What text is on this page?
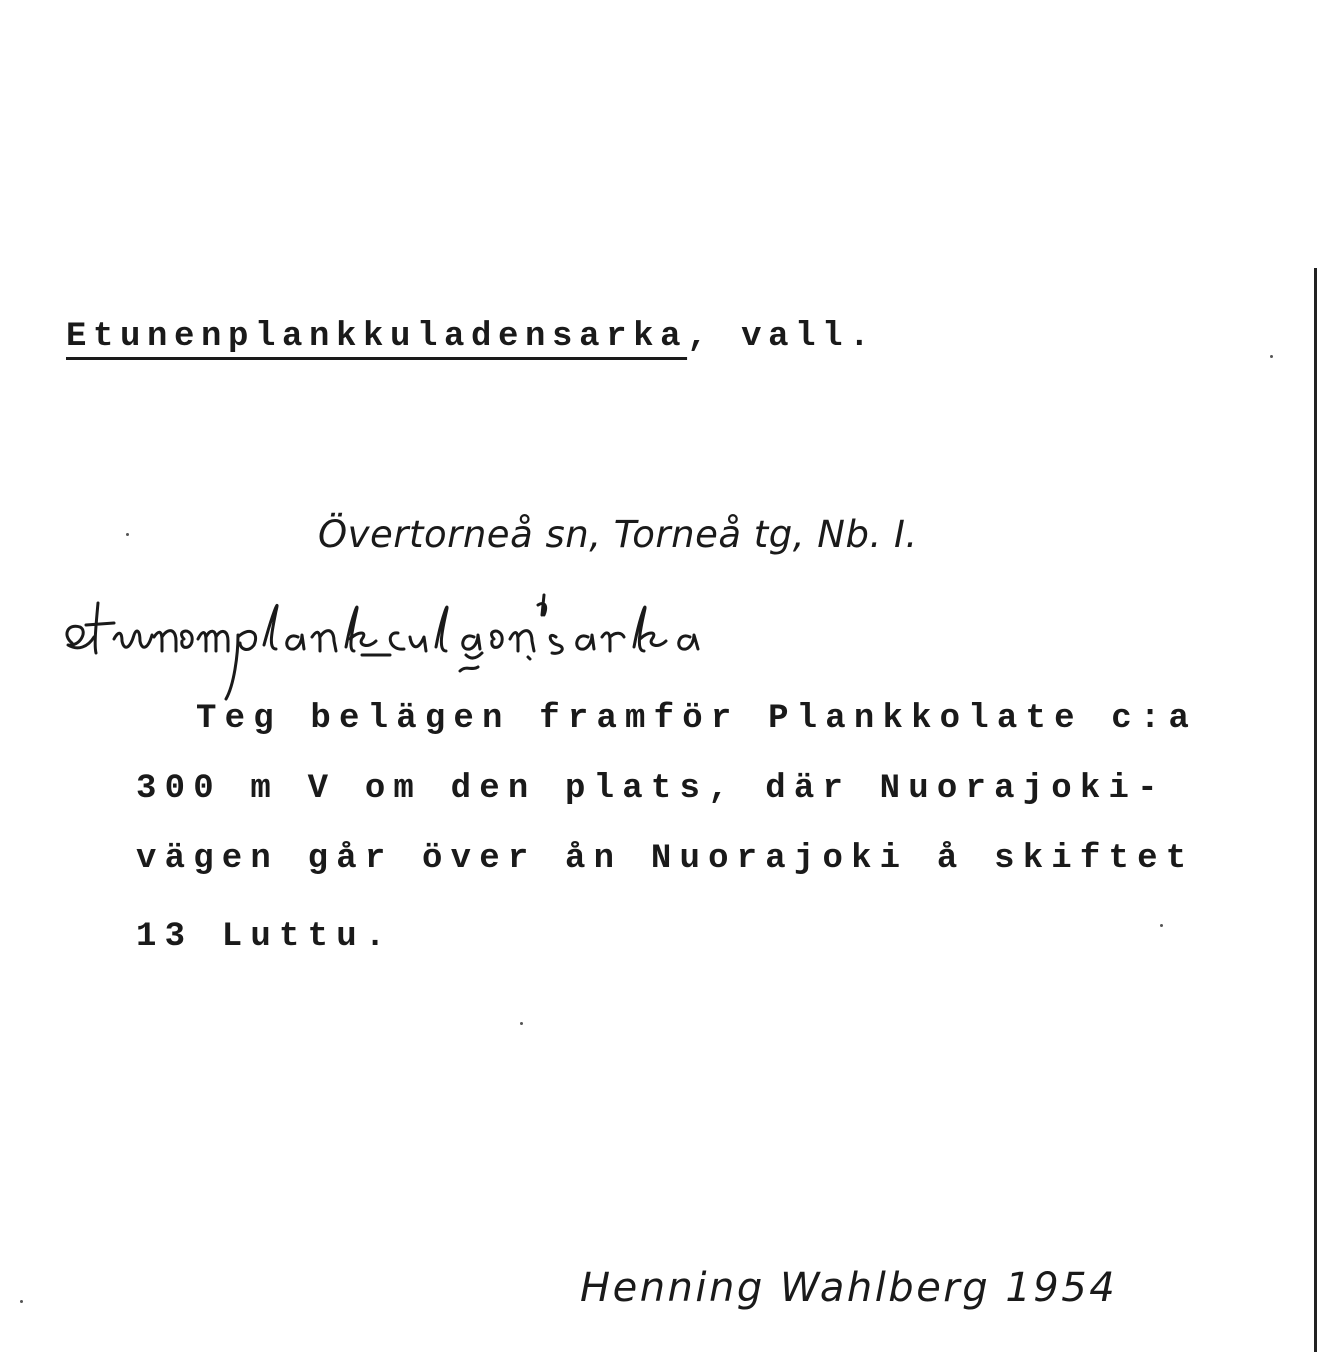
Etunenplankkuladensarka, vall.
Övertorneå sn, Torneå tg, Nb. I.
Teg belägen framför Plankkolate c:a
300 m V om den plats, där Nuorajoki-
vägen går över ån Nuorajoki å skiftet
13 Luttu.
Henning Wahlberg 1954
